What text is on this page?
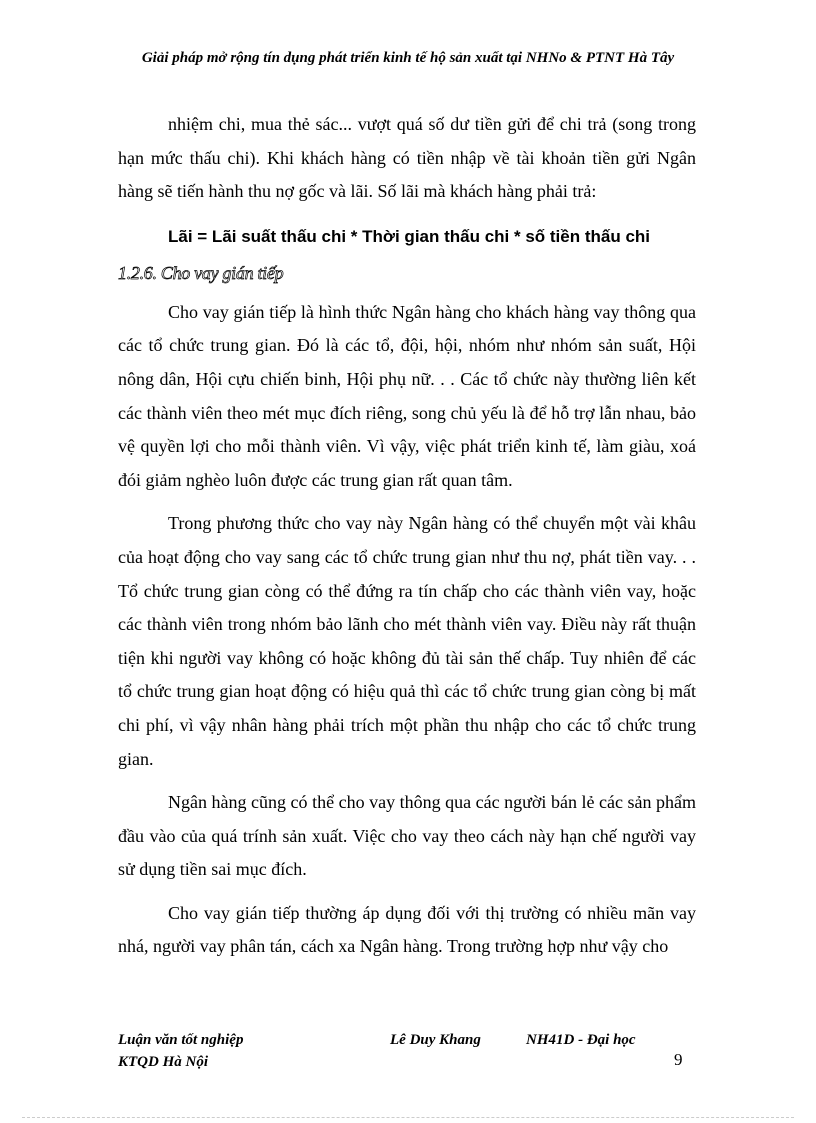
Giải pháp mở rộng tín dụng phát triển kinh tế hộ sản xuất tại NHNo & PTNT Hà Tây

nhiệm chi, mua thẻ sác... vượt quá số dư tiền gửi để chi trả (song trong hạn mức thấu chi). Khi khách hàng có tiền nhập về tài khoản tiền gửi Ngân hàng sẽ tiến hành thu nợ gốc và lãi. Số lãi mà khách hàng phải trả:

Lãi = Lãi suất thấu chi * Thời gian thấu chi * số tiền thấu chi
1.2.6. Cho vay gián tiếp

Cho vay gián tiếp là hình thức Ngân hàng cho khách hàng vay thông qua các tổ chức trung gian. Đó là các tổ, đội, hội, nhóm như nhóm sản suất, Hội nông dân, Hội cựu chiến binh, Hội phụ nữ. . . Các tổ chức này thường liên kết các thành viên theo mét mục đích riêng, song chủ yếu là để hỗ trợ lẫn nhau, bảo vệ quyền lợi cho mỗi thành viên. Vì vậy, việc phát triển kinh tế, làm giàu, xoá đói giảm nghèo luôn được các trung gian rất quan tâm.

Trong phương thức cho vay này Ngân hàng có thể chuyển một vài khâu của hoạt động cho vay sang các tổ chức trung gian như thu nợ, phát tiền vay. . . Tổ chức trung gian còng có thể đứng ra tín chấp cho các thành viên vay, hoặc các thành viên trong nhóm bảo lãnh cho mét thành viên vay. Điều này rất thuận tiện khi người vay không có hoặc không đủ tài sản thế chấp. Tuy nhiên để các tổ chức trung gian hoạt động có hiệu quả thì các tổ chức trung gian còng bị mất chi phí, vì vậy nhân hàng phải trích một phần thu nhập cho các tổ chức trung gian.

Ngân hàng cũng có thể cho vay thông qua các người bán lẻ các sản phẩm đầu vào của quá trính sản xuất. Việc cho vay theo cách này hạn chế người vay sử dụng tiền sai mục đích.

Cho vay gián tiếp thường áp dụng đối với thị trường có nhiều mãn vay nhá, người vay phân tán, cách xa Ngân hàng. Trong trường hợp như vậy cho

Luận văn tốt nghiệp	Lê Duy Khang	NH41D - Đại học
KTQD Hà Nội	9
